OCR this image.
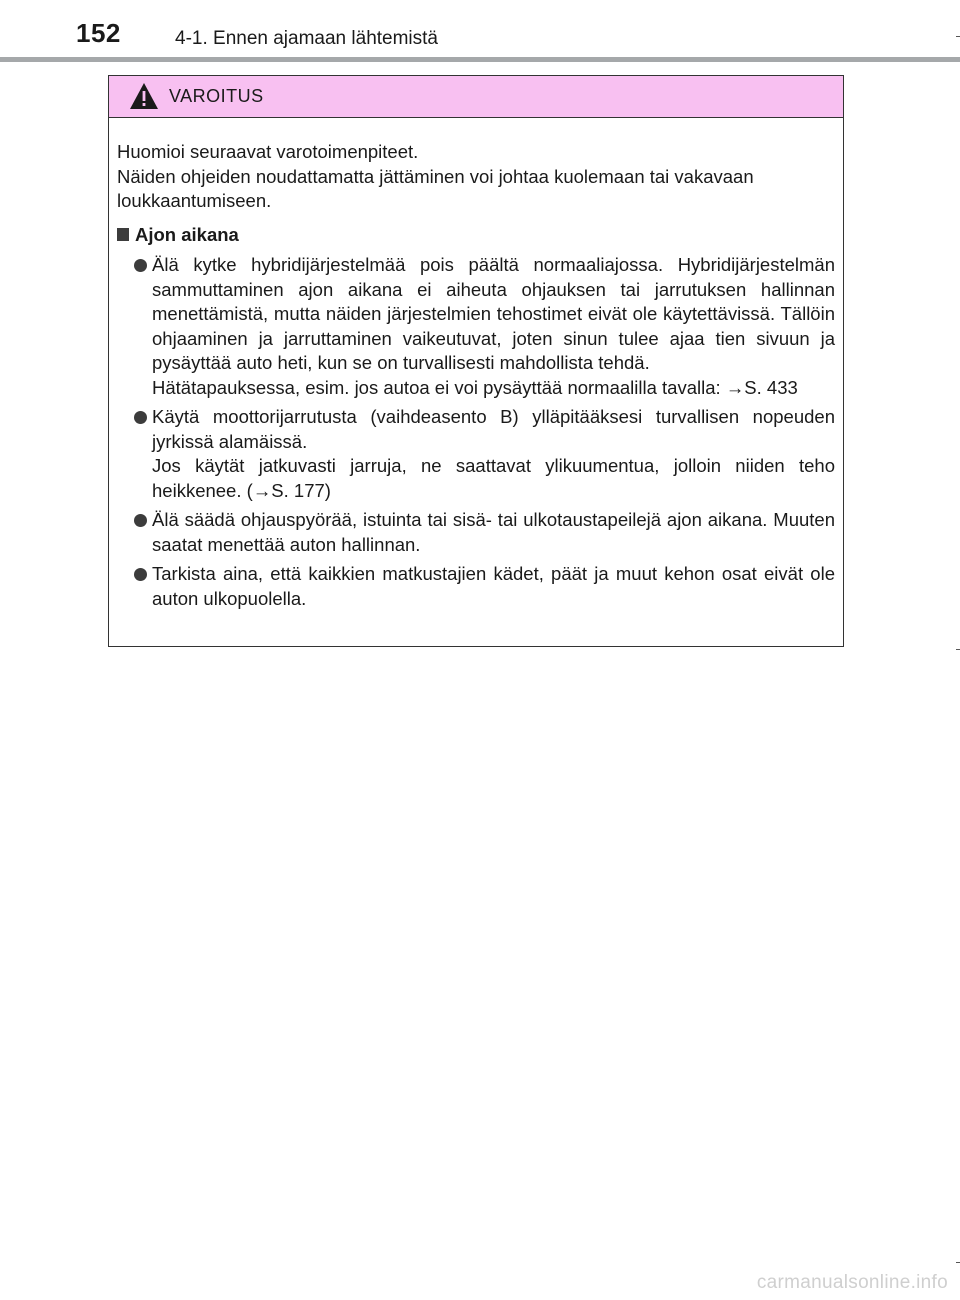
152	4-1. Ennen ajamaan lähtemistä
VAROITUS

Huomioi seuraavat varotoimenpiteet.

Näiden ohjeiden noudattamatta jättäminen voi johtaa kuolemaan tai vakavaan loukkaantumiseen.

Ajon aikana

Älä kytke hybridijärjestelmää pois päältä normaaliajossa. Hybridijärjestelmän sammuttaminen ajon aikana ei aiheuta ohjauksen tai jarrutuksen hallinnan menettämistä, mutta näiden järjestelmien tehostimet eivät ole käytettävissä. Tällöin ohjaaminen ja jarruttaminen vaikeutuvat, joten sinun tulee ajaa tien sivuun ja pysäyttää auto heti, kun se on turvallisesti mahdollista tehdä.

Hätätapauksessa, esim. jos autoa ei voi pysäyttää normaalilla tavalla: →S. 433

Käytä moottorijarrutusta (vaihdeasento B) ylläpitääksesi turvallisen nopeuden jyrkissä alamäissä.

Jos käytät jatkuvasti jarruja, ne saattavat ylikuumentua, jolloin niiden teho heikkenee. (→S. 177)

Älä säädä ohjauspyörää, istuinta tai sisä- tai ulkotaustapeilejä ajon aikana. Muuten saatat menettää auton hallinnan.

Tarkista aina, että kaikkien matkustajien kädet, päät ja muut kehon osat eivät ole auton ulkopuolella.

carmanualsonline.info
